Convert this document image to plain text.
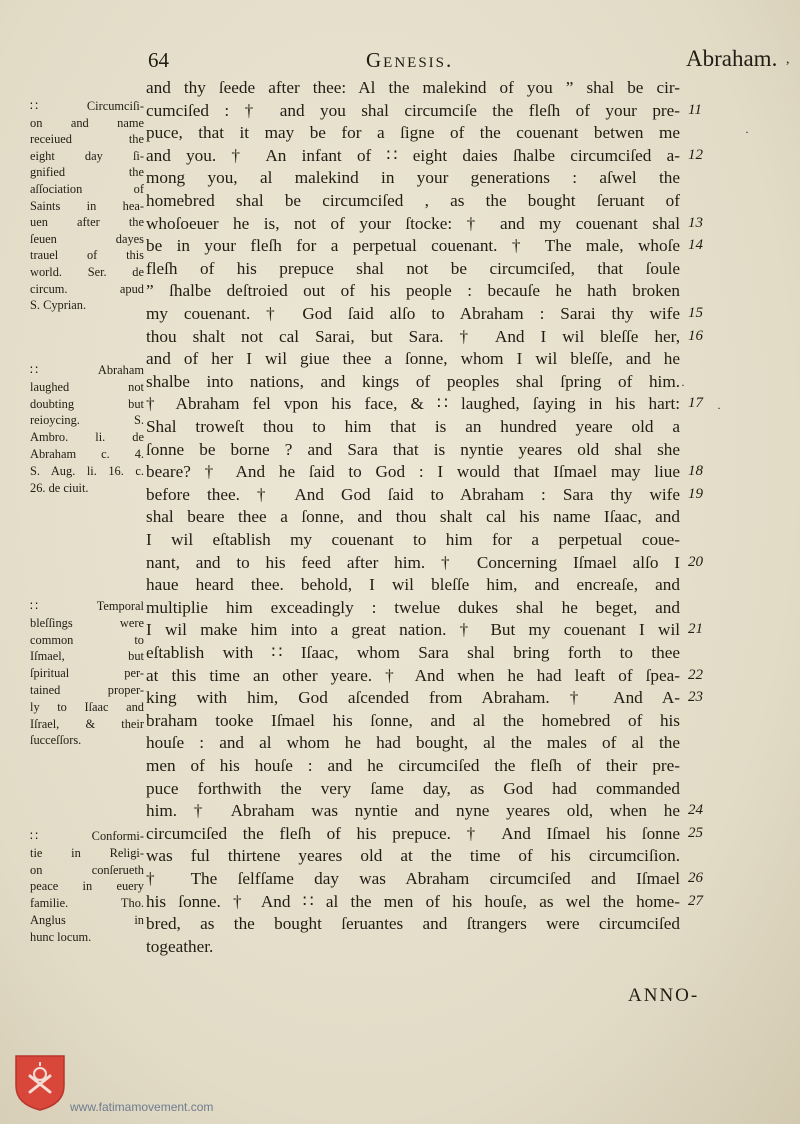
64	Genesis.	Abraham. ,
and thy ſeede after thee: Al the malekind of you ” shal be cir-
cumciſed : † and you shal circumciſe the fleſh of your pre-
puce, that it may be for a ſigne of the couenant betwen me
and you. † An infant of ∷ eight daies ſhalbe circumciſed a-
mong you, al malekind in your generations : aſwel the
homebred shal be circumciſed , as the bought ſeruant of
whoſoeuer he is, not of your ſtocke: † and my couenant shal
be in your fleſh for a perpetual couenant. † The male, whoſe
fleſh of his prepuce shal not be circumciſed, that ſoule
” ſhalbe deſtroied out of his people : becauſe he hath broken
my couenant. † God ſaid alſo to Abraham : Sarai thy wife
thou shalt not cal Sarai, but Sara. † And I wil bleſſe her,
and of her I wil giue thee a ſonne, whom I wil bleſſe, and he
shalbe into nations, and kings of peoples shal ſpring of him.
† Abraham fel vpon his face, & ∷ laughed, ſaying in his hart:
Shal troweſt thou to him that is an hundred yeare old a
ſonne be borne ? and Sara that is nyntie yeares old shal she
beare? † And he ſaid to God : I would that Iſmael may liue
before thee. † And God ſaid to Abraham : Sara thy wife
shal beare thee a ſonne, and thou shalt cal his name Iſaac, and
I wil eſtablish my couenant to him for a perpetual coue-
nant, and to his feed after him. † Concerning Iſmael alſo I
haue heard thee. behold, I wil bleſſe him, and encreaſe, and
multiplie him exceadingly : twelue dukes shal he beget, and
I wil make him into a great nation. † But my couenant I wil
eſtablish with ∷ Iſaac, whom Sara shal bring forth to thee
at this time an other yeare. † And when he had leaft of ſpea-
king with him, God aſcended from Abraham. † And A-
braham tooke Iſmael his ſonne, and al the homebred of his
houſe : and al whom he had bought, al the males of al the
men of his houſe : and he circumciſed the fleſh of their pre-
puce forthwith the very ſame day, as God had commanded
him. † Abraham was nyntie and nyne yeares old, when he
circumciſed the fleſh of his prepuce. † And Iſmael his ſonne
was ful thirtene yeares old at the time of his circumciſion.
† The ſelfſame day was Abraham circumciſed and Iſmael
his ſonne. † And ∷ al the men of his houſe, as wel the home-
bred, as the bought ſeruantes and ſtrangers were circumciſed
togeather.
11
12
13
14
15
16
17
18
19
20
21
22
23
24
25
26
27
∷ Circumciſi-
on and name
receiued the
eight day ſi-
gnified the
aſſociation of
Saints in hea-
uen after the
ſeuen dayes
trauel of this
world. Ser. de
circum. apud
S. Cyprian.
∷ Abraham
laughed not
doubting but
reioycing. S.
Ambro. li. de
Abraham c. 4.
S. Aug. li. 16. c.
26. de ciuit.
∷ Temporal
bleſſings were
common to
Iſmael, but
ſpiritual per-
tained proper-
ly to Iſaac and
Iſrael, & their
ſucceſſors.
∷ Conformi-
tie in Religi-
on conſerueth
peace in euery
familie. Tho.
Anglus in
hunc locum.
·
·
·
ANNO-
www.fatimamovement.com
